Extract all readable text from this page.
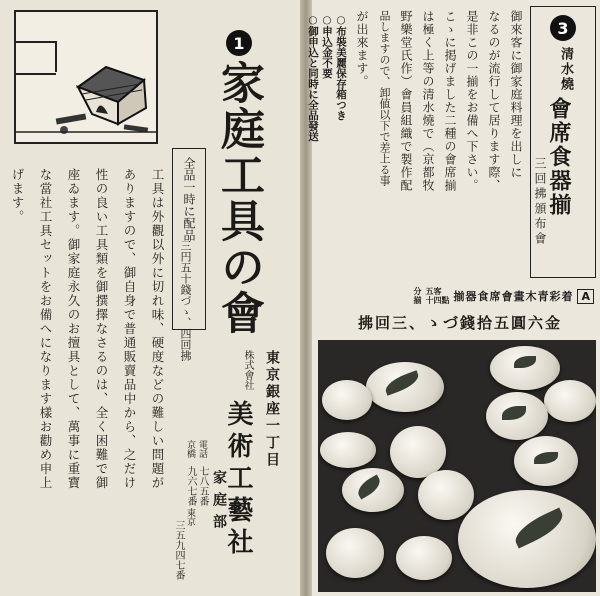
1
家庭工具の會
全品一時に配品
三円五十錢づゝ、四回拂
東京銀座一丁目
株式會社
美術工藝社
家庭部
電話
七八五番
京橋
九六七番
東京
三五九四七番
工具は外觀以外に切れ味、硬度などの難しい問題が
ありますので、御自身で普通販賣品中から、之だけ
性の良い工具類を御撰擇なさるのは、全く困難で御
座ゐます。御家庭永久のお擅具として、萬事に重寶
な當社工具セットをお備へになります樣お勸め申上
げます。
3
清水燒
會席食器揃
三回拂頒布會
御來客に御家庭料理を出しに
なるのが流行して居ります際、
是非この一揃をお備へ下さい。
こゝに掲げました二種の會席揃
は極く上等の清水燒で（京都牧
野樂堂氏作）會員組織で製作配
品しますので、卸値以下で差上る事
が出來ます。
○布裝美麗保存箱つき
○申込金不要
○御申込と同時に全品發送
分
揃
五客
十四點 着彩青木畫會席食器揃 A
金六圓五拾錢づゝ、三回拂
